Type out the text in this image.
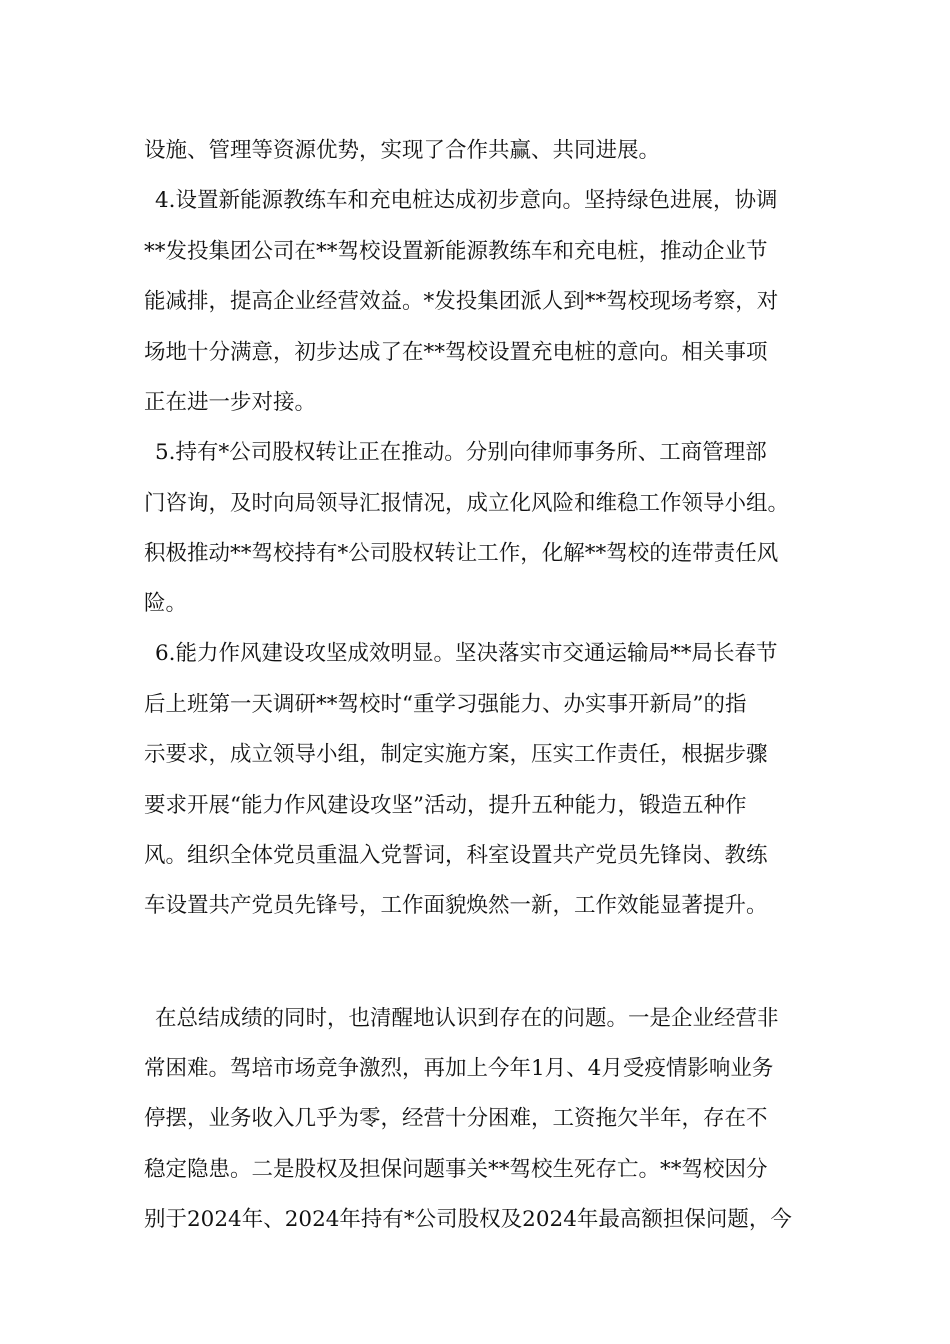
设施、管理等资源优势，实现了合作共赢、共同进展。
4.设置新能源教练车和充电桩达成初步意向。坚持绿色进展，协调
**发投集团公司在**驾校设置新能源教练车和充电桩，推动企业节
能减排，提高企业经营效益。*发投集团派人到**驾校现场考察，对
场地十分满意，初步达成了在**驾校设置充电桩的意向。相关事项
正在进一步对接。
5.持有*公司股权转让正在推动。分别向律师事务所、工商管理部
门咨询，及时向局领导汇报情况，成立化风险和维稳工作领导小组。
积极推动**驾校持有*公司股权转让工作，化解**驾校的连带责任风
险。
6.能力作风建设攻坚成效明显。坚决落实市交通运输局**局长春节
后上班第一天调研**驾校时“重学习强能力、办实事开新局”的指
示要求，成立领导小组，制定实施方案，压实工作责任，根据步骤
要求开展“能力作风建设攻坚”活动，提升五种能力，锻造五种作
风。组织全体党员重温入党誓词，科室设置共产党员先锋岗、教练
车设置共产党员先锋号，工作面貌焕然一新，工作效能显著提升。
在总结成绩的同时，也清醒地认识到存在的问题。一是企业经营非
常困难。驾培市场竞争激烈，再加上今年1月、4月受疫情影响业务
停摆，业务收入几乎为零，经营十分困难，工资拖欠半年，存在不
稳定隐患。二是股权及担保问题事关**驾校生死存亡。**驾校因分
别于2024年、2024年持有*公司股权及2024年最高额担保问题，今
